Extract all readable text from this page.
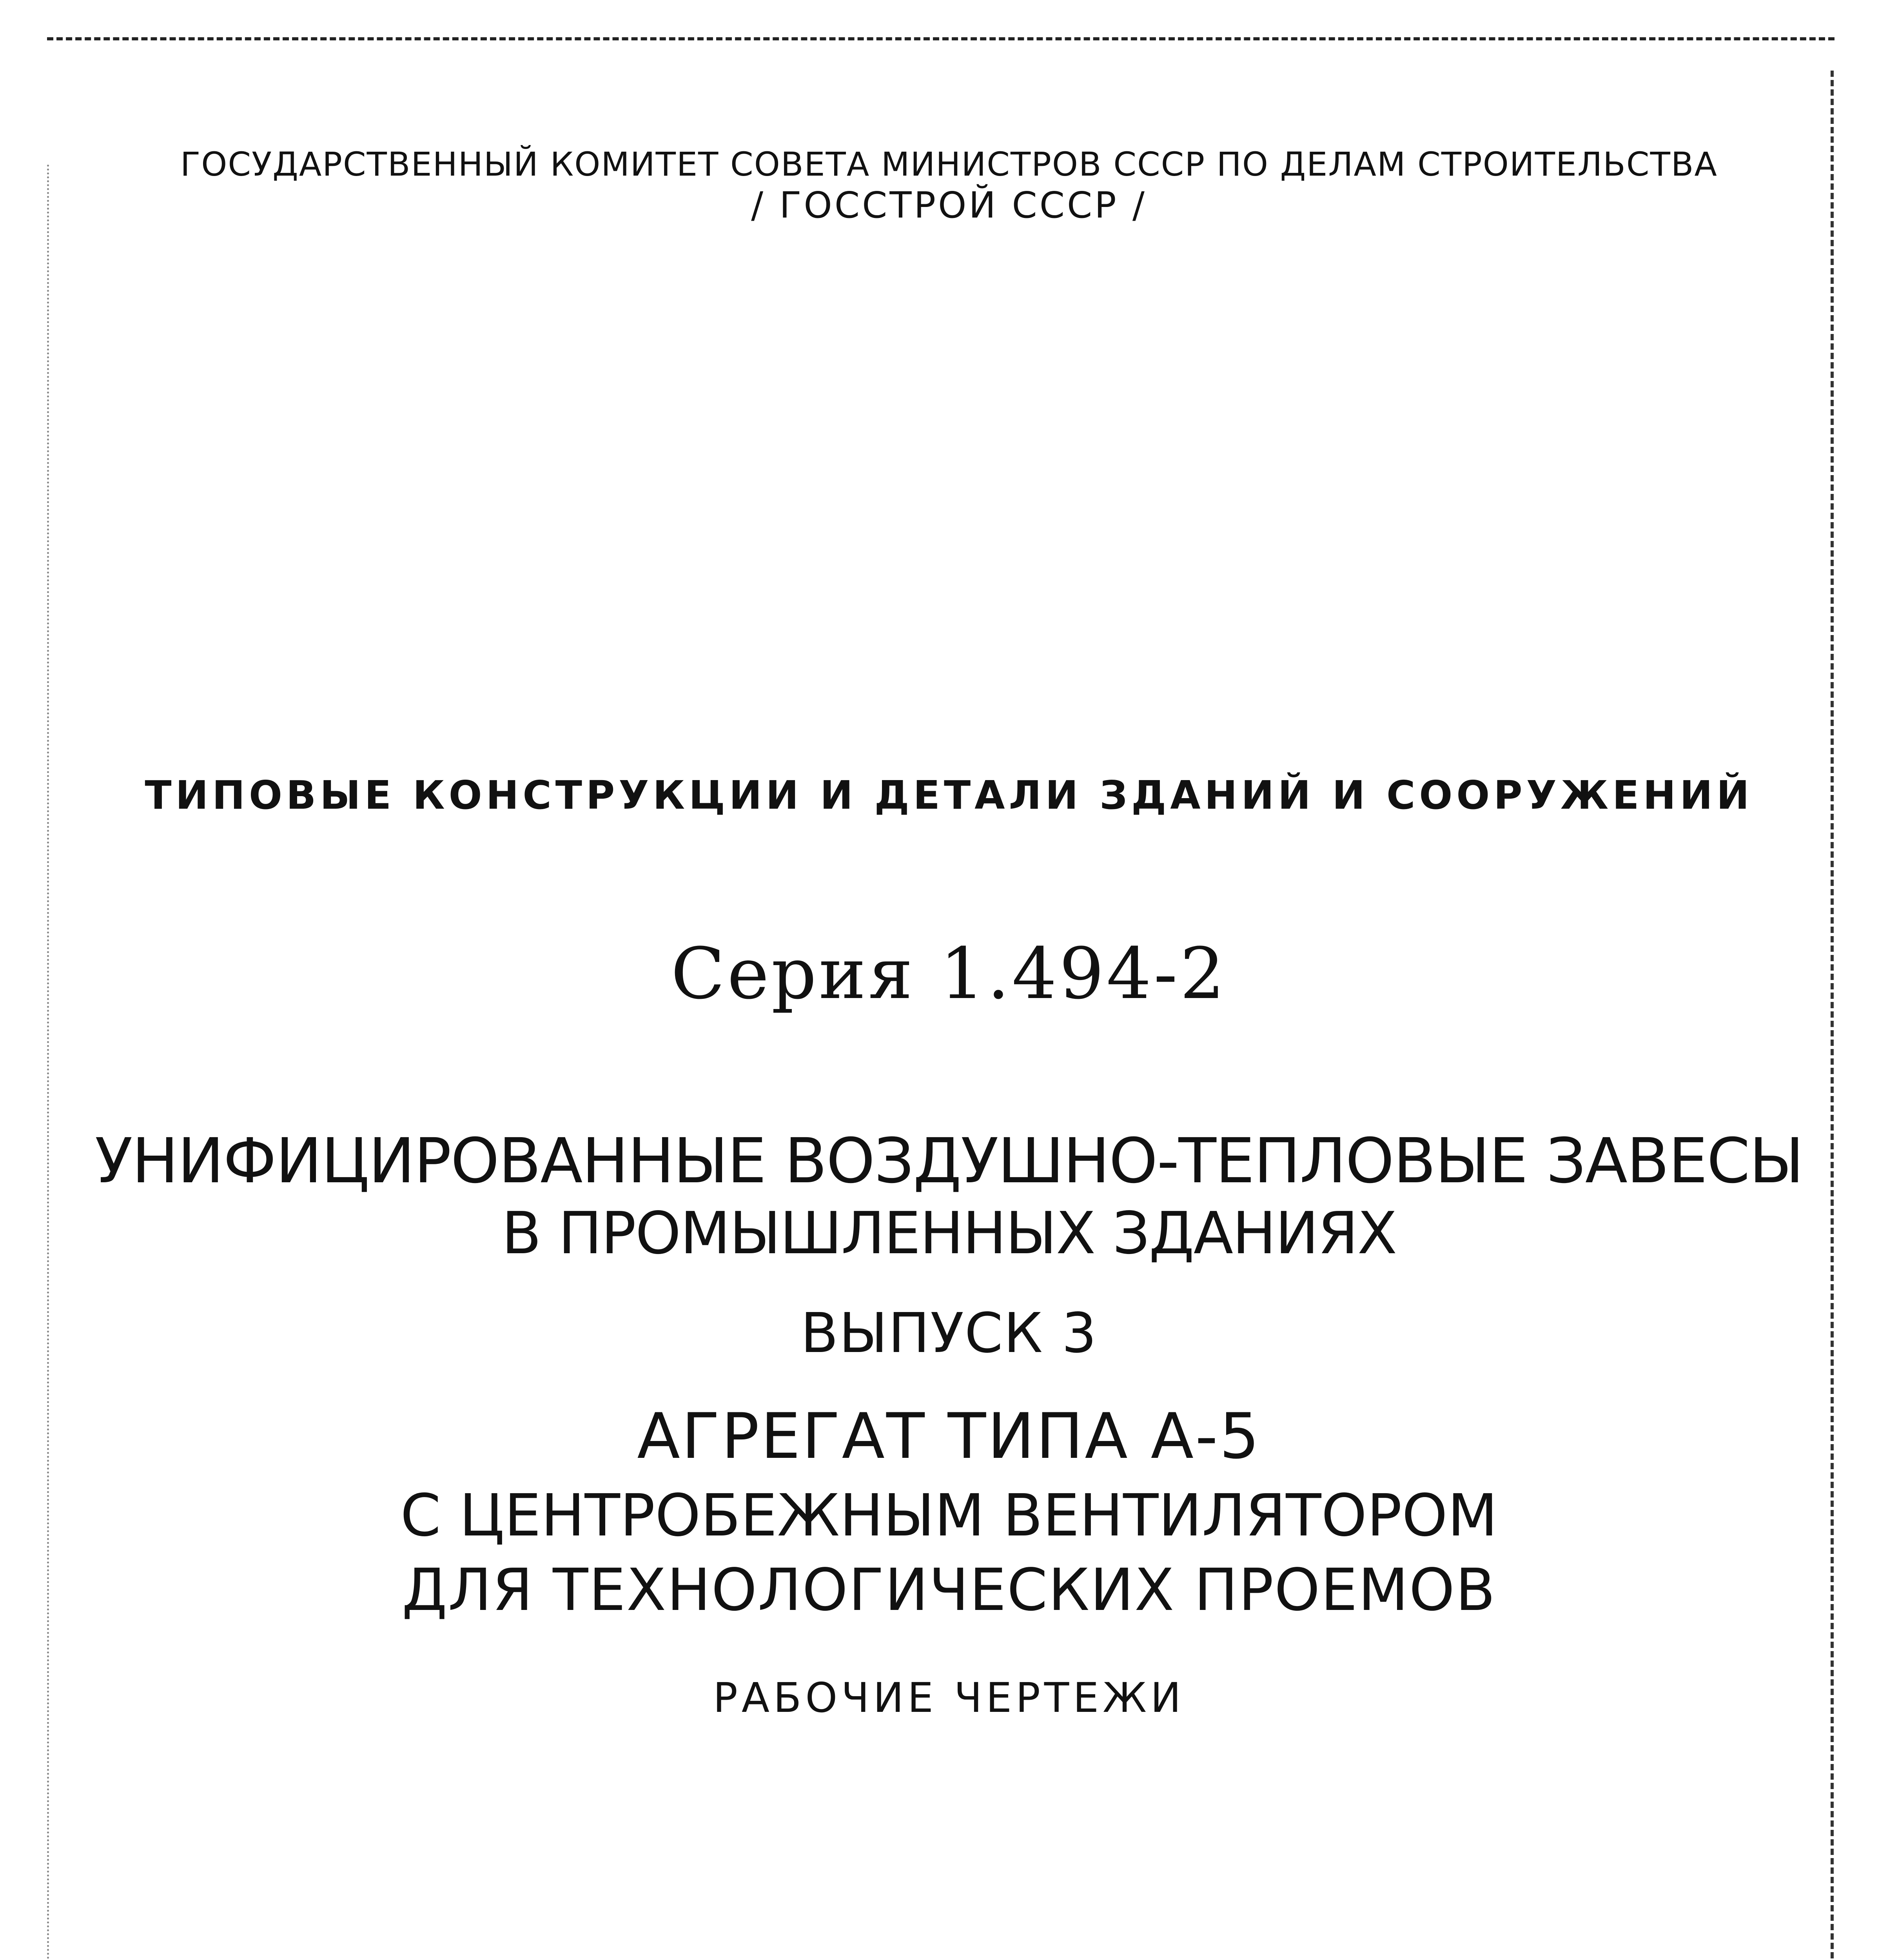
ГОСУДАРСТВЕННЫЙ КОМИТЕТ СОВЕТА МИНИСТРОВ СССР ПО ДЕЛАМ СТРОИТЕЛЬСТВА
/ ГОССТРОЙ СССР /
ТИПОВЫЕ КОНСТРУКЦИИ И ДЕТАЛИ ЗДАНИЙ И СООРУЖЕНИЙ
Серия 1.494-2
УНИФИЦИРОВАННЫЕ ВОЗДУШНО-ТЕПЛОВЫЕ ЗАВЕСЫ
В ПРОМЫШЛЕННЫХ ЗДАНИЯХ
ВЫПУСК 3
АГРЕГАТ ТИПА А-5
С ЦЕНТРОБЕЖНЫМ ВЕНТИЛЯТОРОМ
ДЛЯ ТЕХНОЛОГИЧЕСКИХ ПРОЕМОВ
РАБОЧИЕ ЧЕРТЕЖИ
